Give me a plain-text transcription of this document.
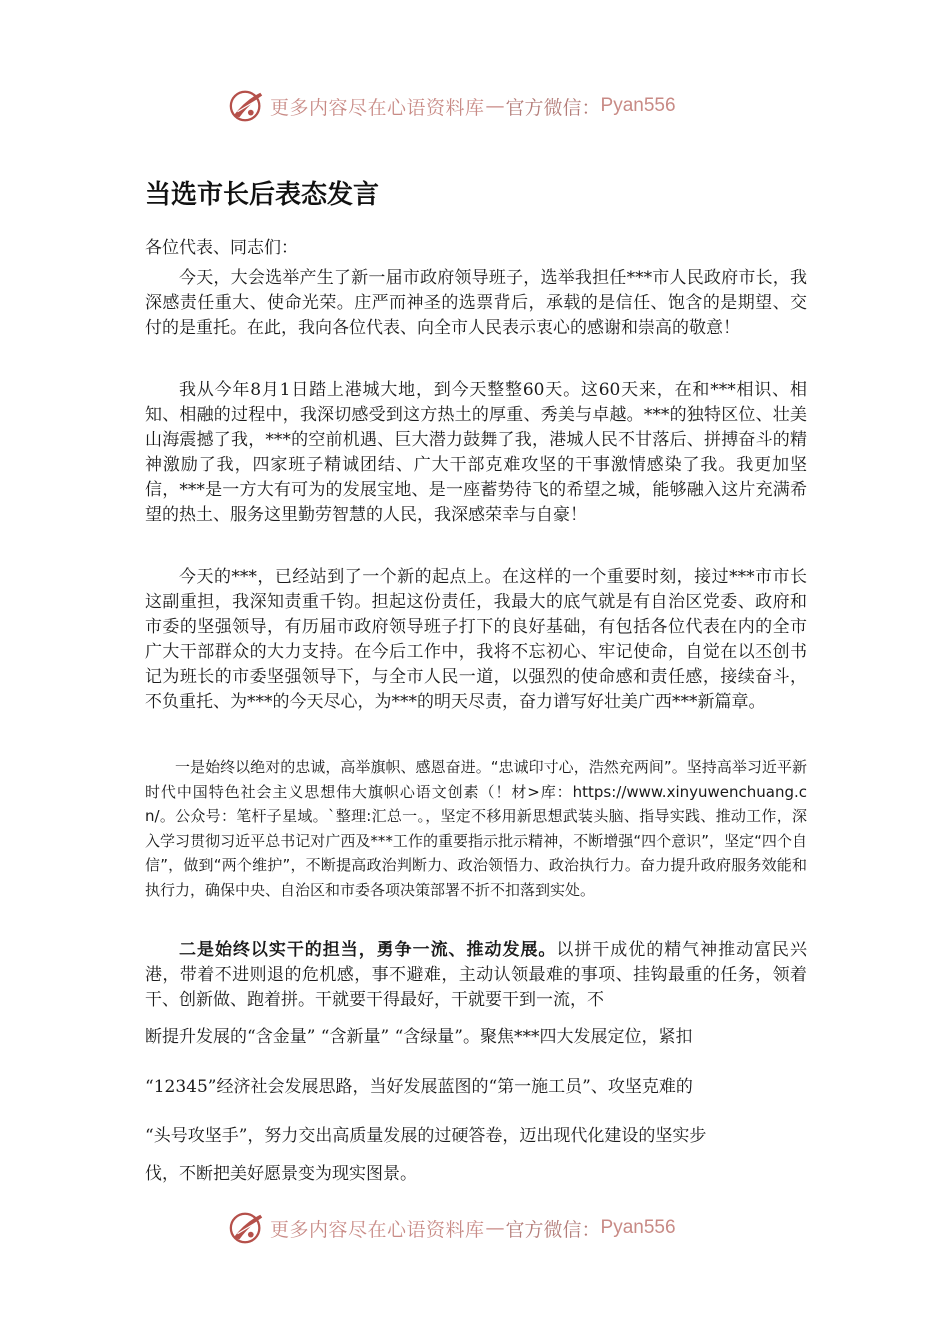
更多内容尽在心语资料库 — 官方微信： Pyan556
当选市长后表态发言

各位代表、同志们：

今天，大会选举产生了新一届市政府领导班子，选举我担任***市人民政府市长，我深感责任重大、使命光荣。庄严而神圣的选票背后，承载的是信任、饱含的是期望、交付的是重托。在此，我向各位代表、向全市人民表示衷心的感谢和崇高的敬意！

我从今年8月1日踏上港城大地，到今天整整60天。这60天来，在和***相识、相知、相融的过程中，我深切感受到这方热土的厚重、秀美与卓越。***的独特区位、壮美山海震撼了我，***的空前机遇、巨大潜力鼓舞了我，港城人民不甘落后、拼搏奋斗的精神激励了我，四家班子精诚团结、广大干部克难攻坚的干事激情感染了我。我更加坚信，***是一方大有可为的发展宝地、是一座蓄势待飞的希望之城，能够融入这片充满希望的热土、服务这里勤劳智慧的人民，我深感荣幸与自豪！

今天的***，已经站到了一个新的起点上。在这样的一个重要时刻，接过***市市长这副重担，我深知责重千钧。担起这份责任，我最大的底气就是有自治区党委、政府和市委的坚强领导，有历届市政府领导班子打下的良好基础，有包括各位代表在内的全市广大干部群众的大力支持。在今后工作中，我将不忘初心、牢记使命，自觉在以丕创书记为班长的市委坚强领导下，与全市人民一道，以强烈的使命感和责任感，接续奋斗，不负重托、为***的今天尽心，为***的明天尽责，奋力谱写好壮美广西***新篇章。

一是始终以绝对的忠诚，高举旗帜、感恩奋进。“忠诚印寸心，浩然充两间”。坚持高举习近平新时代中国特色社会主义思想伟大旗帜心语文创素（！材>库：https://www.xinyuwenchuang.cn/。公众号：笔杆子星域。`整理:汇总一。，坚定不移用新思想武装头脑、指导实践、推动工作，深入学习贯彻习近平总书记对广西及***工作的重要指示批示精神，不断增强“四个意识”，坚定“四个自信”，做到“两个维护”，不断提高政治判断力、政治领悟力、政治执行力。奋力提升政府服务效能和执行力，确保中央、自治区和市委各项决策部署不折不扣落到实处。

二是始终以实干的担当，勇争一流、推动发展。以拼干成优的精气神推动富民兴港，带着不进则退的危机感，事不避难，主动认领最难的事项、挂钩最重的任务，领着干、创新做、跑着拼。干就要干得最好，干就要干到一流，不

断提升发展的“含金量” “含新量” “含绿量”。聚焦***四大发展定位，紧扣

“12345”经济社会发展思路，当好发展蓝图的“第一施工员”、攻坚克难的

“头号攻坚手”，努力交出高质量发展的过硬答卷，迈出现代化建设的坚实步

伐，不断把美好愿景变为现实图景。

更多内容尽在心语资料库 — 官方微信： Pyan556
